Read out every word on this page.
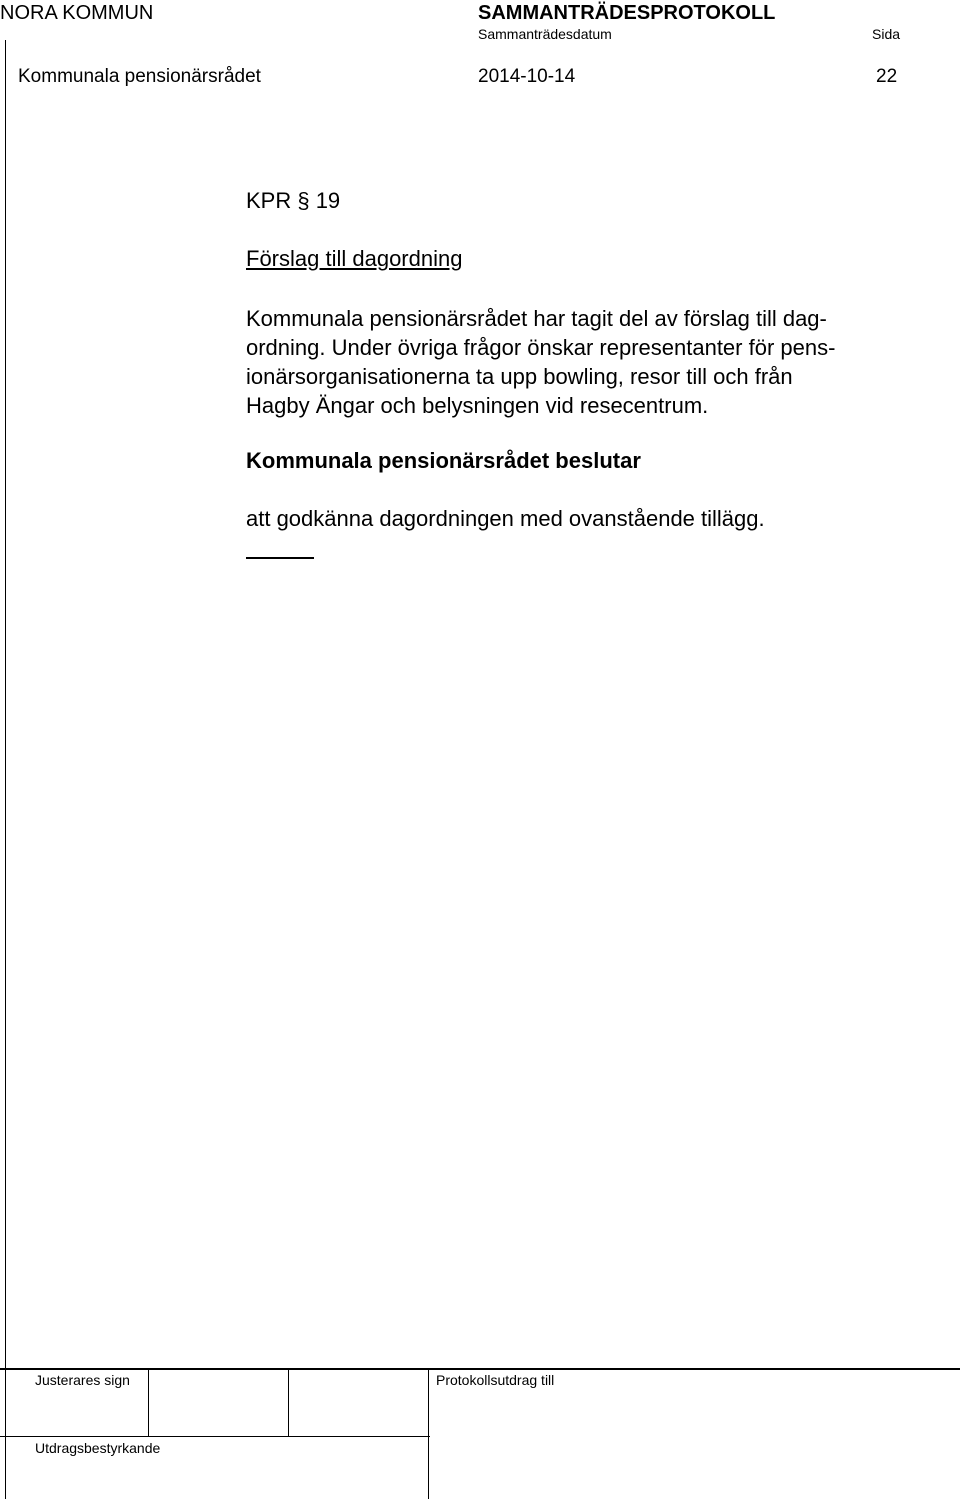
NORA KOMMUN	SAMMANTRÄDESPROTOKOLL
Sammanträdesdatum	Sida
Kommunala pensionärsrådet	2014-10-14	22
KPR § 19
Förslag till dagordning
Kommunala pensionärsrådet har tagit del av förslag till dag-
ordning. Under övriga frågor önskar representanter för pens-
ionärsorganisationerna ta upp bowling, resor till och från
Hagby Ängar och belysningen vid resecentrum.
Kommunala pensionärsrådet beslutar
att godkänna dagordningen med ovanstående tillägg.
Justerares sign	Protokollsutdrag till
Utdragsbestyrkande
